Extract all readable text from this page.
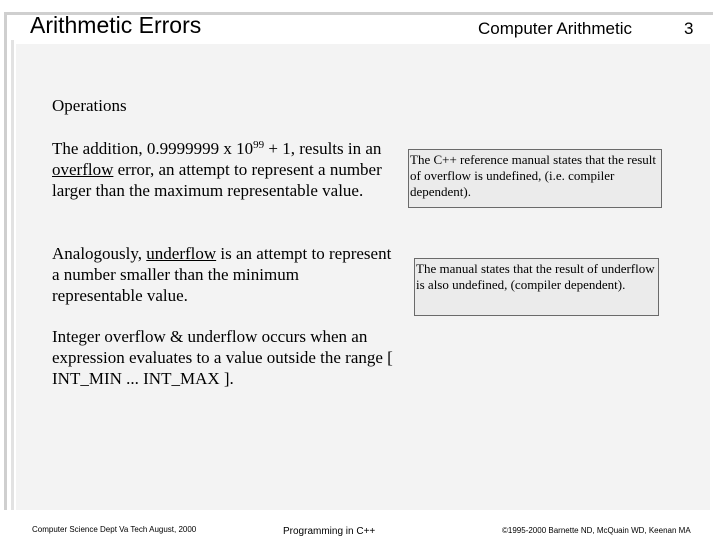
Arithmetic Errors	Computer Arithmetic	3
Operations
The addition, 0.9999999 x $10^{99} + 1$, results in an overflow error, an attempt to represent a number larger than the maximum representable value.
Analogously, underflow is an attempt to represent a number smaller than the minimum representable value.
Integer overflow & underflow occurs when an expression evaluates to a value outside the range [ INT_MIN ... INT_MAX ].
The C++ reference manual states that the result of overflow is undefined, (i.e. compiler dependent).
The manual states that the result of underflow is also undefined, (compiler dependent).
Computer Science Dept Va Tech August, 2000	Programming in C++	©1995-2000 Barnette ND, McQuain WD, Keenan MA
